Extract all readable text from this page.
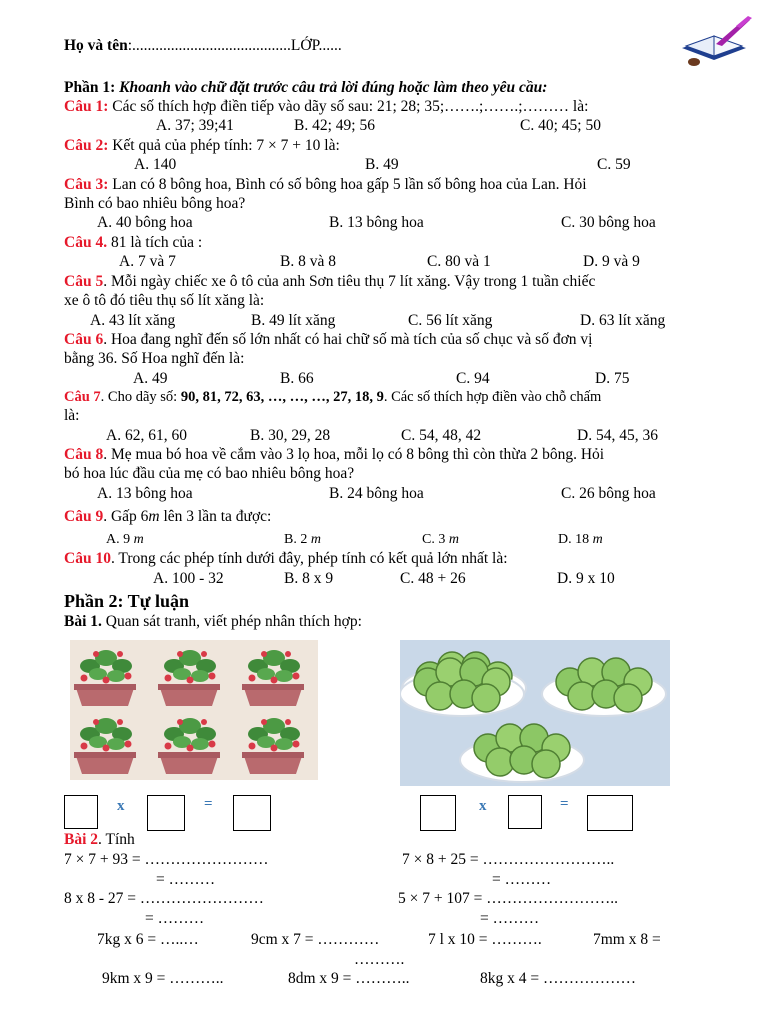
Họ và tên:.........................................LỚP......
Phần 1: Khoanh vào chữ đặt trước câu trả lời đúng hoặc làm theo yêu cầu:
Câu 1: Các số thích hợp điền tiếp vào dãy số sau: 21; 28; 35;…….;…….;……… là:
A. 37; 39;41	B. 42; 49; 56	C. 40; 45; 50
Câu 2: Kết quả của phép tính: 7 × 7 + 10 là:
A. 140	B. 49	C. 59
Câu 3: Lan có 8 bông hoa, Bình có số bông hoa gấp 5 lần số bông hoa của Lan. Hỏi
Bình có bao nhiêu bông hoa?
A. 40 bông hoa	B. 13 bông hoa	C. 30 bông hoa
Câu 4. 81 là tích của :
A. 7 và 7	B. 8 và 8	C. 80 và 1	D. 9 và 9
Câu 5. Mỗi ngày chiếc xe ô tô của anh Sơn tiêu thụ 7 lít xăng. Vậy trong 1 tuần chiếc
xe ô tô đó tiêu thụ số lít xăng là:
A. 43 lít xăng	B. 49 lít xăng	C. 56 lít xăng	D. 63 lít xăng
Câu 6. Hoa đang nghĩ đến số lớn nhất có hai chữ số mà tích của số chục và số đơn vị
bằng 36. Số Hoa nghĩ đến là:
A. 49	B. 66	C. 94	D. 75
Câu 7. Cho dãy số: 90, 81, 72, 63, …, …, …, 27, 18, 9. Các số thích hợp điền vào chỗ chấm
là:
A. 62, 61, 60	B. 30, 29, 28	C. 54, 48, 42	D. 54, 45, 36
Câu 8. Mẹ mua bó hoa về cắm vào 3 lọ hoa, mỗi lọ có 8 bông thì còn thừa 2 bông. Hỏi
bó hoa lúc đầu của mẹ có bao nhiêu bông hoa?
A. 13 bông hoa	B. 24 bông hoa	C. 26 bông hoa
Câu 9. Gấp 6m lên 3 lần ta được:
A. 9 m	B. 2 m	C. 3 m	D. 18 m
Câu 10. Trong các phép tính dưới đây, phép tính có kết quả lớn nhất là:
A. 100 - 32	B. 8 x 9	C. 48 + 26	D. 9 x 10
Phần 2: Tự luận
Bài 1. Quan sát tranh, viết phép nhân thích hợp:
x	=	x	=
Bài 2. Tính
7 × 7 + 93 = ……………………	7 × 8 + 25 = ……………………..
= ………	= ………
8 x 8 - 27 = ……………………	5 × 7 + 107 = ……………………..
= ………	= ………
7kg x 6 = …..…	9cm x 7 = …………	7 l x 10 = ……….	7mm x 8 =
……….
9km x 9 = ………..	8dm x 9 = ………..	8kg x 4 = ………………
